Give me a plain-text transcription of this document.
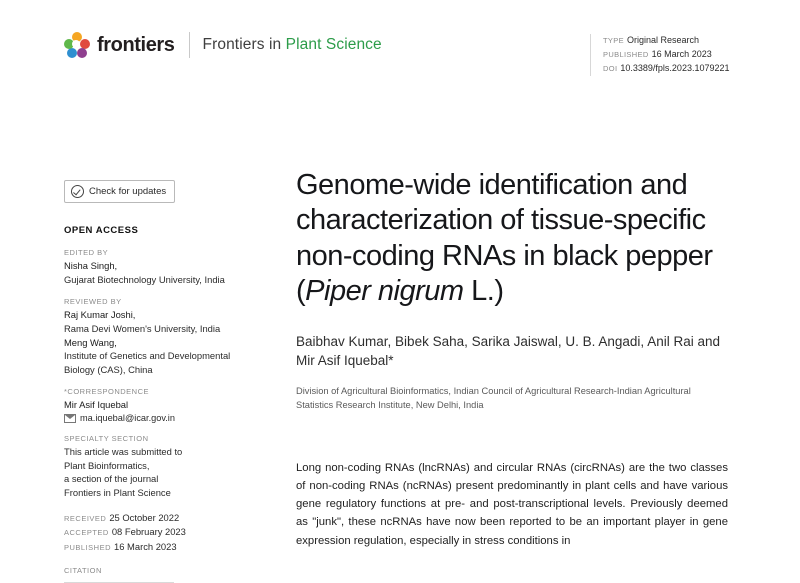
frontiers Frontiers in Plant Science	TYPE Original Research
PUBLISHED 16 March 2023
DOI 10.3389/fpls.2023.1079221
Check for updates
OPEN ACCESS
EDITED BY
Nisha Singh,
Gujarat Biotechnology University, India
REVIEWED BY
Raj Kumar Joshi,
Rama Devi Women's University, India
Meng Wang,
Institute of Genetics and Developmental
Biology (CAS), China
*CORRESPONDENCE
Mir Asif Iquebal
ma.iquebal@icar.gov.in
SPECIALTY SECTION
This article was submitted to
Plant Bioinformatics,
a section of the journal
Frontiers in Plant Science
RECEIVED 25 October 2022
ACCEPTED 08 February 2023
PUBLISHED 16 March 2023
CITATION
Genome-wide identification and characterization of tissue-specific non-coding RNAs in black pepper (Piper nigrum L.)
Baibhav Kumar, Bibek Saha, Sarika Jaiswal, U. B. Angadi, Anil Rai and Mir Asif Iquebal*
Division of Agricultural Bioinformatics, Indian Council of Agricultural Research-Indian Agricultural Statistics Research Institute, New Delhi, India
Long non-coding RNAs (lncRNAs) and circular RNAs (circRNAs) are the two classes of non-coding RNAs (ncRNAs) present predominantly in plant cells and have various gene regulatory functions at pre- and post-transcriptional levels. Previously deemed as "junk", these ncRNAs have now been reported to be an important player in gene expression regulation, especially in stress conditions in
